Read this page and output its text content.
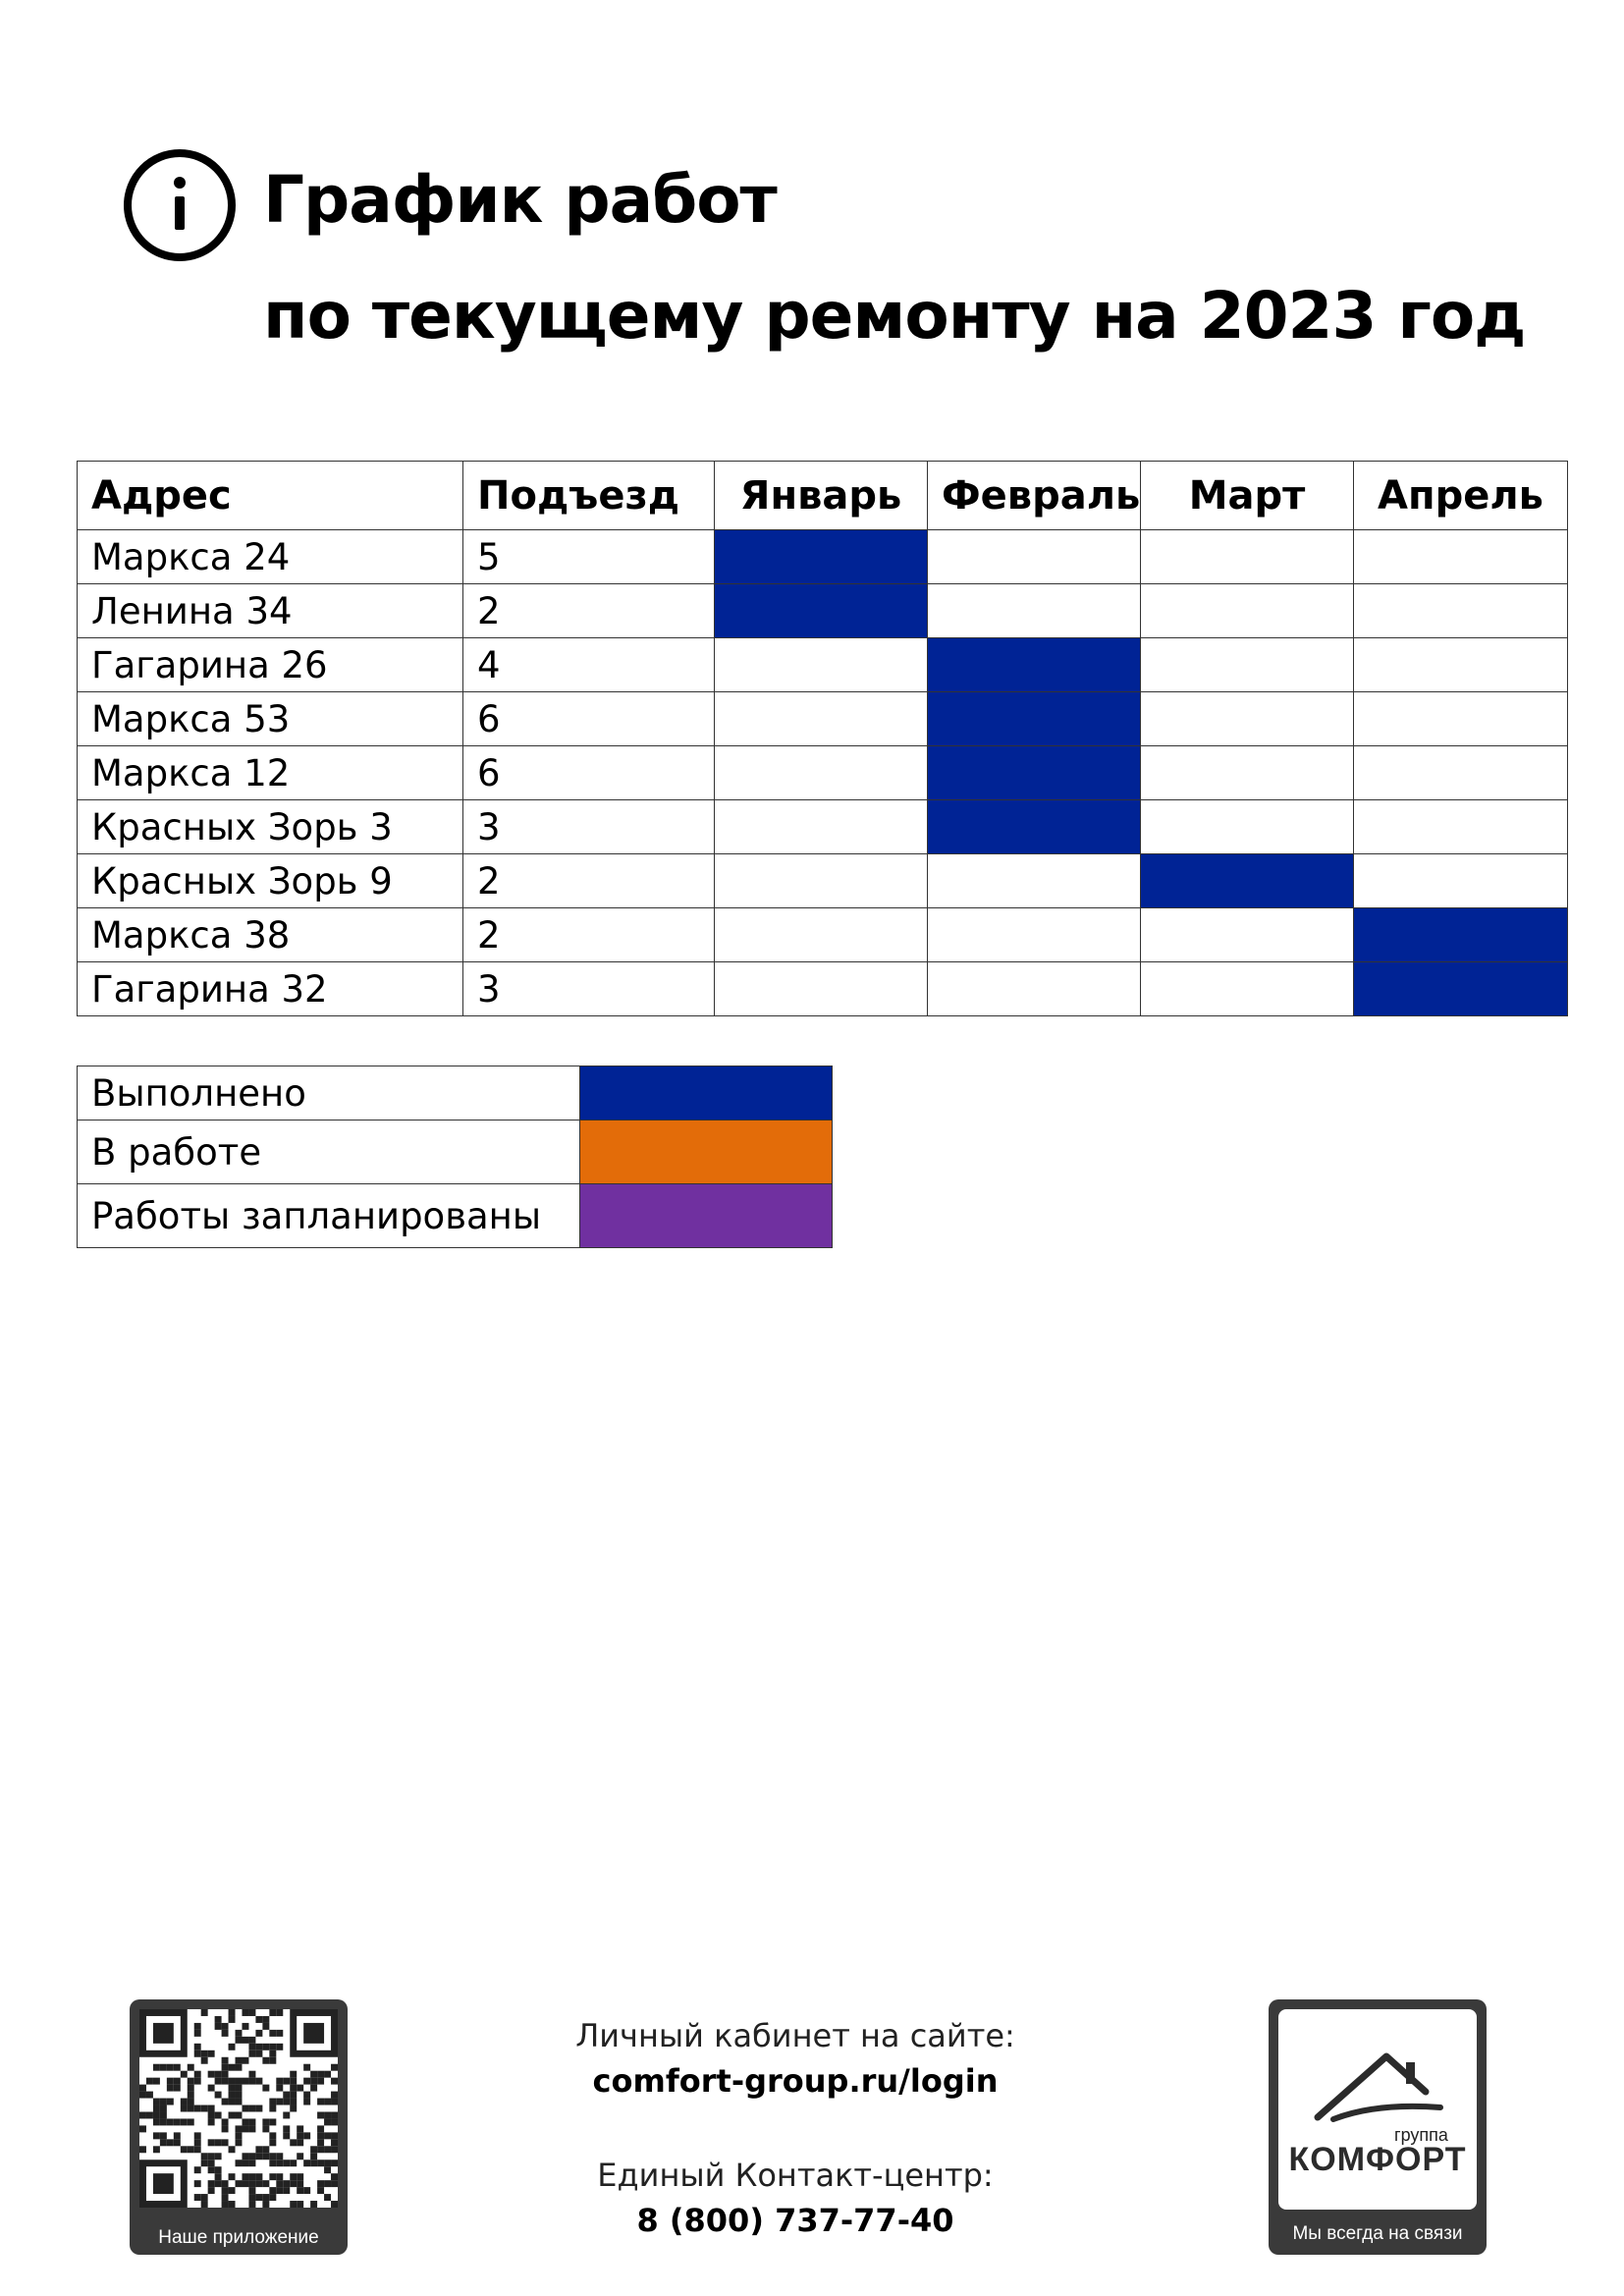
График работ
по текущему ремонту на 2023 год
Адрес	Подъезд	Январь	Февраль	Март	Апрель
Маркса 24	5				
Ленина 34	2				
Гагарина 26	4				
Маркса 53	6				
Маркса 12	6				
Красных Зорь 3	3				
Красных Зорь 9	2				
Маркса 38	2				
Гагарина 32	3				
Выполнено	
В работе	
Работы запланированы	
Наше приложение
Личный кабинет на сайте:
comfort-group.ru/login
Единый Контакт-центр:
8 (800) 737-77-40
группа
КОМФОРТ
Мы всегда на связи
